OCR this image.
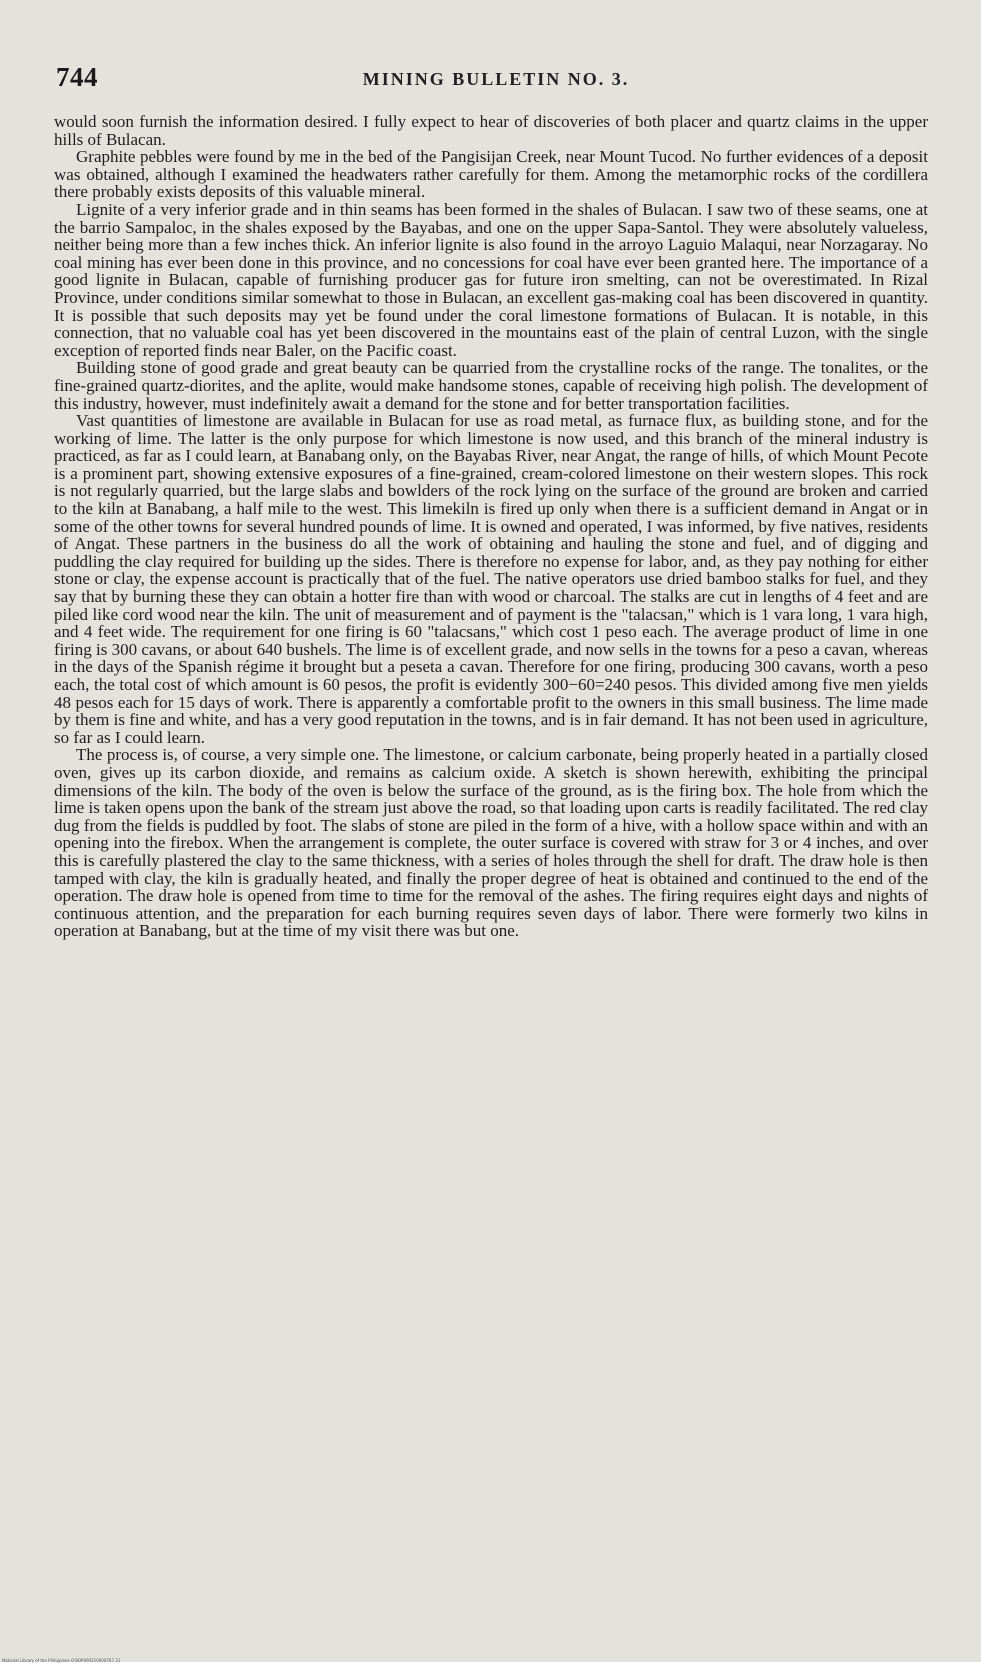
744	MINING BULLETIN NO. 3.

would soon furnish the information desired. I fully expect to hear of discoveries of both placer and quartz claims in the upper hills of Bulacan.

Graphite pebbles were found by me in the bed of the Pangisijan Creek, near Mount Tucod. No further evidences of a deposit was obtained, although I examined the headwaters rather carefully for them. Among the metamorphic rocks of the cordillera there probably exists deposits of this valuable mineral.

Lignite of a very inferior grade and in thin seams has been formed in the shales of Bulacan. I saw two of these seams, one at the barrio Sampaloc, in the shales exposed by the Bayabas, and one on the upper Sapa-Santol. They were absolutely valueless, neither being more than a few inches thick. An inferior lignite is also found in the arroyo Laguio Malaqui, near Norzagaray. No coal mining has ever been done in this province, and no concessions for coal have ever been granted here. The importance of a good lignite in Bulacan, capable of furnishing producer gas for future iron smelting, can not be overestimated. In Rizal Province, under conditions similar somewhat to those in Bulacan, an excellent gas-making coal has been discovered in quantity. It is possible that such deposits may yet be found under the coral limestone formations of Bulacan. It is notable, in this connection, that no valuable coal has yet been discovered in the mountains east of the plain of central Luzon, with the single exception of reported finds near Baler, on the Pacific coast.

Building stone of good grade and great beauty can be quarried from the crystalline rocks of the range. The tonalites, or the fine-grained quartz-diorites, and the aplite, would make handsome stones, capable of receiving high polish. The development of this industry, however, must indefinitely await a demand for the stone and for better transportation facilities.

Vast quantities of limestone are available in Bulacan for use as road metal, as furnace flux, as building stone, and for the working of lime. The latter is the only purpose for which limestone is now used, and this branch of the mineral industry is practiced, as far as I could learn, at Banabang only, on the Bayabas River, near Angat, the range of hills, of which Mount Pecote is a prominent part, showing extensive exposures of a fine-grained, cream-colored limestone on their western slopes. This rock is not regularly quarried, but the large slabs and bowlders of the rock lying on the surface of the ground are broken and carried to the kiln at Banabang, a half mile to the west. This limekiln is fired up only when there is a sufficient demand in Angat or in some of the other towns for several hundred pounds of lime. It is owned and operated, I was informed, by five natives, residents of Angat. These partners in the business do all the work of obtaining and hauling the stone and fuel, and of digging and puddling the clay required for building up the sides. There is therefore no expense for labor, and, as they pay nothing for either stone or clay, the expense account is practically that of the fuel. The native operators use dried bamboo stalks for fuel, and they say that by burning these they can obtain a hotter fire than with wood or charcoal. The stalks are cut in lengths of 4 feet and are piled like cord wood near the kiln. The unit of measurement and of payment is the "talacsan," which is 1 vara long, 1 vara high, and 4 feet wide. The requirement for one firing is 60 "talacsans," which cost 1 peso each. The average product of lime in one firing is 300 cavans, or about 640 bushels. The lime is of excellent grade, and now sells in the towns for a peso a cavan, whereas in the days of the Spanish régime it brought but a peseta a cavan. Therefore for one firing, producing 300 cavans, worth a peso each, the total cost of which amount is 60 pesos, the profit is evidently 300−60=240 pesos. This divided among five men yields 48 pesos each for 15 days of work. There is apparently a comfortable profit to the owners in this small business. The lime made by them is fine and white, and has a very good reputation in the towns, and is in fair demand. It has not been used in agriculture, so far as I could learn.

The process is, of course, a very simple one. The limestone, or calcium carbonate, being properly heated in a partially closed oven, gives up its carbon dioxide, and remains as calcium oxide. A sketch is shown herewith, exhibiting the principal dimensions of the kiln. The body of the oven is below the surface of the ground, as is the firing box. The hole from which the lime is taken opens upon the bank of the stream just above the road, so that loading upon carts is readily facilitated. The red clay dug from the fields is puddled by foot. The slabs of stone are piled in the form of a hive, with a hollow space within and with an opening into the firebox. When the arrangement is complete, the outer surface is covered with straw for 3 or 4 inches, and over this is carefully plastered the clay to the same thickness, with a series of holes through the shell for draft. The draw hole is then tamped with clay, the kiln is gradually heated, and finally the proper degree of heat is obtained and continued to the end of the operation. The draw hole is opened from time to time for the removal of the ashes. The firing requires eight days and nights of continuous attention, and the preparation for each burning requires seven days of labor. There were formerly two kilns in operation at Banabang, but at the time of my visit there was but one.

National Library of the Philippines O'BOP000210000767 31
